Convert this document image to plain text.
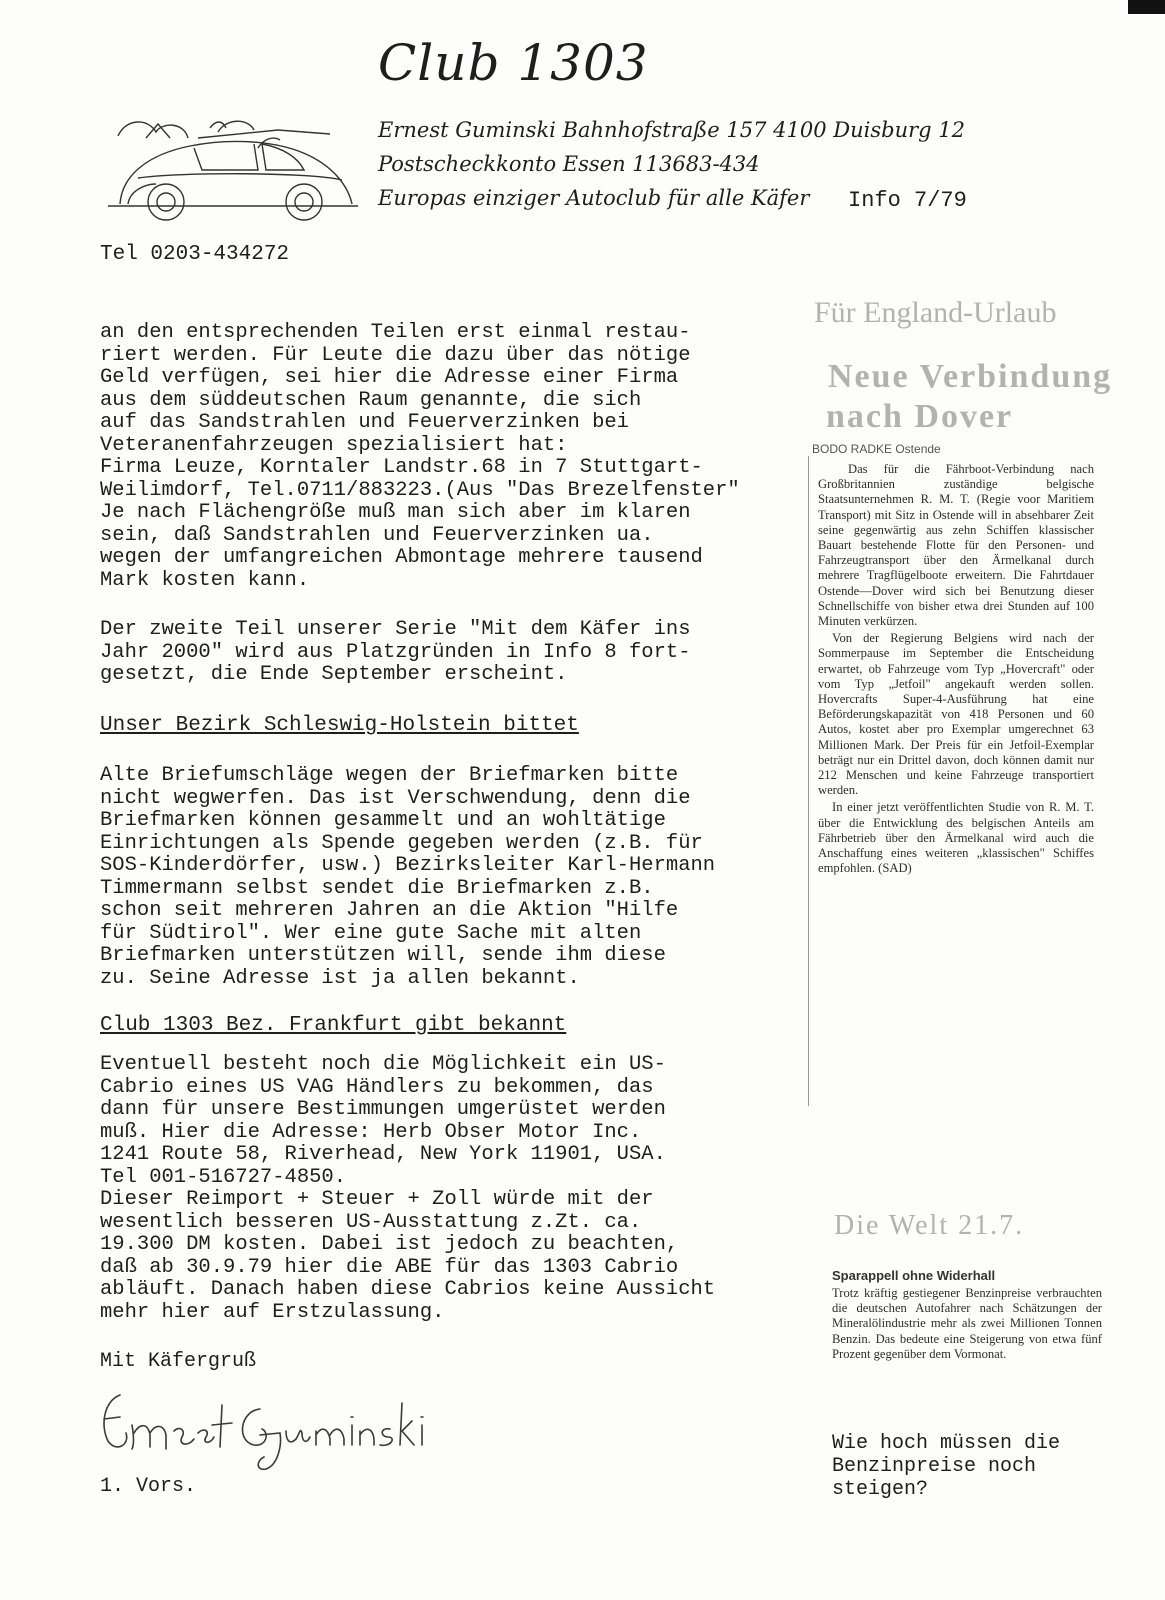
Club 1303
Ernest Guminski Bahnhofstraße 157 4100 Duisburg 12
Postscheckkonto Essen 113683-434
Europas einziger Autoclub für alle Käfer Info 7/79
Tel 0203-434272

an den entsprechenden Teilen erst einmal restau-
riert werden. Für Leute die dazu über das nötige
Geld verfügen, sei hier die Adresse einer Firma
aus dem süddeutschen Raum genannte, die sich
auf das Sandstrahlen und Feuerverzinken bei
Veteranenfahrzeugen spezialisiert hat:
Firma Leuze, Korntaler Landstr.68 in 7 Stuttgart-
Weilimdorf, Tel.0711/883223.(Aus "Das Brezelfenster"
Je nach Flächengröße muß man sich aber im klaren
sein, daß Sandstrahlen und Feuerverzinken ua.
wegen der umfangreichen Abmontage mehrere tausend
Mark kosten kann.

Der zweite Teil unserer Serie "Mit dem Käfer ins
Jahr 2000" wird aus Platzgründen in Info 8 fort-
gesetzt, die Ende September erscheint.

Unser Bezirk Schleswig-Holstein bittet

Alte Briefumschläge wegen der Briefmarken bitte
nicht wegwerfen. Das ist Verschwendung, denn die
Briefmarken können gesammelt und an wohltätige
Einrichtungen als Spende gegeben werden (z.B. für
SOS-Kinderdörfer, usw.) Bezirksleiter Karl-Hermann
Timmermann selbst sendet die Briefmarken z.B.
schon seit mehreren Jahren an die Aktion "Hilfe
für Südtirol". Wer eine gute Sache mit alten
Briefmarken unterstützen will, sende ihm diese
zu. Seine Adresse ist ja allen bekannt.

Club 1303 Bez. Frankfurt gibt bekannt

Eventuell besteht noch die Möglichkeit ein US-
Cabrio eines US VAG Händlers zu bekommen, das
dann für unsere Bestimmungen umgerüstet werden
muß. Hier die Adresse: Herb Obser Motor Inc.
1241 Route 58, Riverhead, New York 11901, USA.
Tel 001-516727-4850.
Dieser Reimport + Steuer + Zoll würde mit der
wesentlich besseren US-Ausstattung z.Zt. ca.
19.300 DM kosten. Dabei ist jedoch zu beachten,
daß ab 30.9.79 hier die ABE für das 1303 Cabrio
abläuft. Danach haben diese Cabrios keine Aussicht
mehr hier auf Erstzulassung.

Mit Käfergruß
1. Vors.
Für England-Urlaub
Neue Verbindung
nach Dover
BODO RADKE Ostende

Das für die Fährboot-Verbindung nach Großbritannien zuständige belgische Staatsunternehmen R. M. T. (Regie voor Maritiem Transport) mit Sitz in Ostende will in absehbarer Zeit seine gegenwärtig aus zehn Schiffen klassischer Bauart bestehende Flotte für den Personen- und Fahrzeugtransport über den Ärmelkanal durch mehrere Tragflügelboote erweitern. Die Fahrtdauer Ostende—Dover wird sich bei Benutzung dieser Schnellschiffe von bisher etwa drei Stunden auf 100 Minuten verkürzen.

Von der Regierung Belgiens wird nach der Sommerpause im September die Entscheidung erwartet, ob Fahrzeuge vom Typ „Hovercraft" oder vom Typ „Jetfoil" angekauft werden sollen. Hovercrafts Super-4-Ausführung hat eine Beförderungskapazität von 418 Personen und 60 Autos, kostet aber pro Exemplar umgerechnet 63 Millionen Mark. Der Preis für ein Jetfoil-Exemplar beträgt nur ein Drittel davon, doch können damit nur 212 Menschen und keine Fahrzeuge transportiert werden.

In einer jetzt veröffentlichten Studie von R. M. T. über die Entwicklung des belgischen Anteils am Fährbetrieb über den Ärmelkanal wird auch die Anschaffung eines weiteren „klassischen" Schiffes empfohlen. (SAD)

Die Welt 21.7.
Sparappell ohne Widerhall
Trotz kräftig gestiegener Benzinpreise verbrauchten die deutschen Autofahrer nach Schätzungen der Mineralölindustrie mehr als zwei Millionen Tonnen Benzin. Das bedeute eine Steigerung von etwa fünf Prozent gegenüber dem Vormonat.

Wie hoch müssen die
Benzinpreise noch
steigen?
